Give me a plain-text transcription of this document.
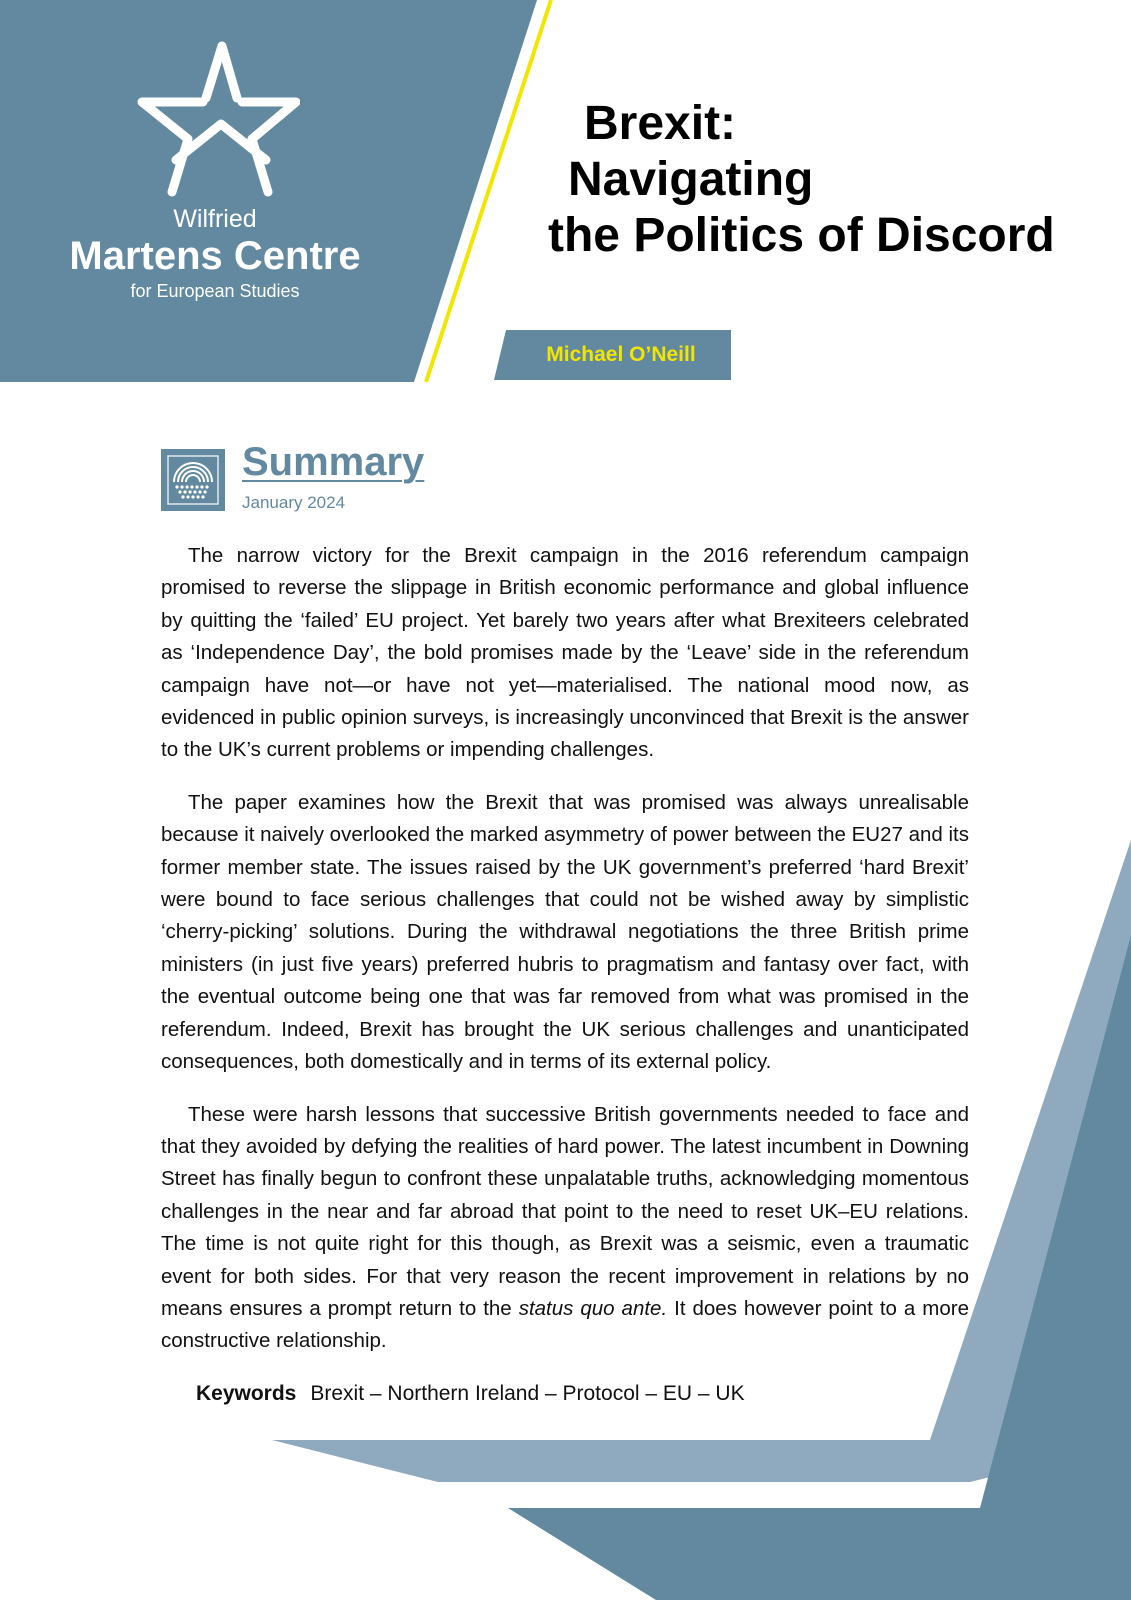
Wilfried
Martens Centre
for European Studies
Brexit:
Navigating
the Politics of Discord
Michael O’Neill
Summary
January 2024

The narrow victory for the Brexit campaign in the 2016 referendum campaign promised to reverse the slippage in British economic performance and global influence by quitting the ‘failed’ EU project. Yet barely two years after what Brexiteers celebrated as ‘Independence Day’, the bold promises made by the ‘Leave’ side in the referendum campaign have not—or have not yet—materialised. The national mood now, as evidenced in public opinion surveys, is increasingly unconvinced that Brexit is the answer to the UK’s current problems or impending challenges.

The paper examines how the Brexit that was promised was always unrealisable because it naively overlooked the marked asymmetry of power between the EU27 and its former member state. The issues raised by the UK government’s preferred ‘hard Brexit’ were bound to face serious challenges that could not be wished away by simplistic ‘cherry-picking’ solutions. During the withdrawal negotiations the three British prime ministers (in just five years) preferred hubris to pragmatism and fantasy over fact, with the eventual outcome being one that was far removed from what was promised in the referendum. Indeed, Brexit has brought the UK serious challenges and unanticipated consequences, both domestically and in terms of its external policy.

These were harsh lessons that successive British governments needed to face and that they avoided by defying the realities of hard power. The latest incumbent in Downing Street has finally begun to confront these unpalatable truths, acknowledging momentous challenges in the near and far abroad that point to the need to reset UK–EU relations. The time is not quite right for this though, as Brexit was a seismic, even a traumatic event for both sides. For that very reason the recent improvement in relations by no means ensures a prompt return to the status quo ante. It does however point to a more constructive relationship.

Keywords Brexit – Northern Ireland – Protocol – EU – UK
